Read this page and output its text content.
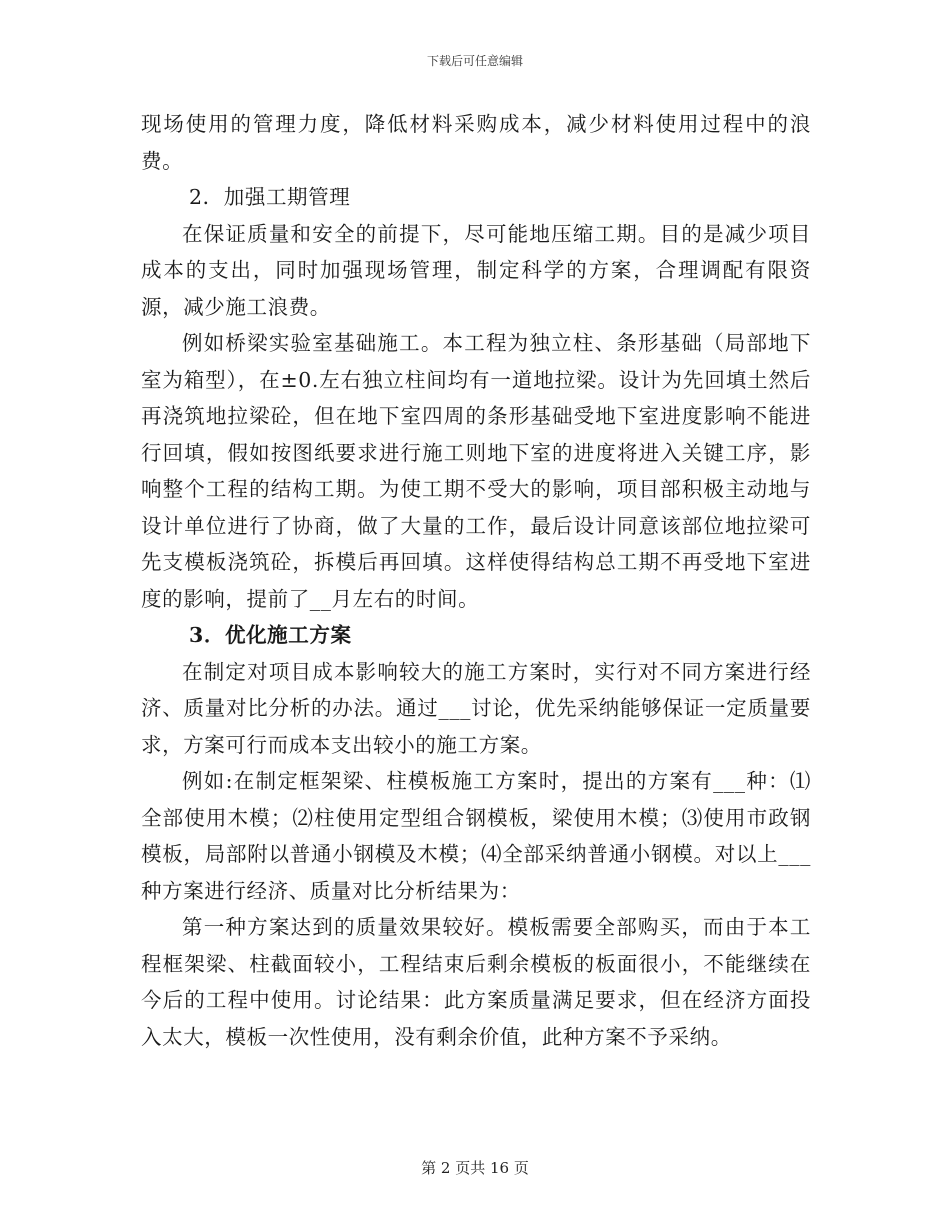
下载后可任意编辑

现场使用的管理力度，降低材料采购成本，减少材料使用过程中的浪费。

2．加强工期管理

在保证质量和安全的前提下，尽可能地压缩工期。目的是减少项目成本的支出，同时加强现场管理，制定科学的方案，合理调配有限资源，减少施工浪费。

例如桥梁实验室基础施工。本工程为独立柱、条形基础（局部地下室为箱型），在±0.左右独立柱间均有一道地拉梁。设计为先回填土然后再浇筑地拉梁砼，但在地下室四周的条形基础受地下室进度影响不能进行回填，假如按图纸要求进行施工则地下室的进度将进入关键工序，影响整个工程的结构工期。为使工期不受大的影响，项目部积极主动地与设计单位进行了协商，做了大量的工作，最后设计同意该部位地拉梁可先支模板浇筑砼，拆模后再回填。这样使得结构总工期不再受地下室进度的影响，提前了__月左右的时间。

3．优化施工方案

在制定对项目成本影响较大的施工方案时，实行对不同方案进行经济、质量对比分析的办法。通过___讨论，优先采纳能够保证一定质量要求，方案可行而成本支出较小的施工方案。

例如:在制定框架梁、柱模板施工方案时，提出的方案有___种：⑴全部使用木模；⑵柱使用定型组合钢模板，梁使用木模；⑶使用市政钢模板，局部附以普通小钢模及木模；⑷全部采纳普通小钢模。对以上___种方案进行经济、质量对比分析结果为：

第一种方案达到的质量效果较好。模板需要全部购买，而由于本工程框架梁、柱截面较小，工程结束后剩余模板的板面很小，不能继续在今后的工程中使用。讨论结果：此方案质量满足要求，但在经济方面投入太大，模板一次性使用，没有剩余价值，此种方案不予采纳。

第 2 页共 16 页
